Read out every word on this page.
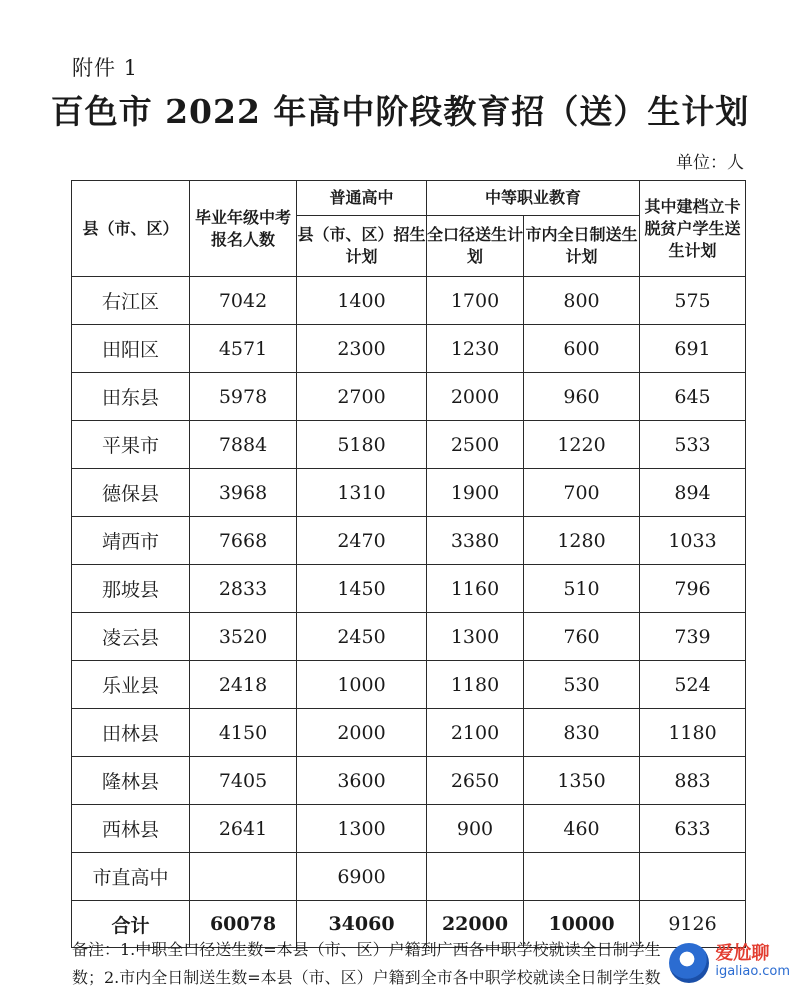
附件 1
百色市 2022 年高中阶段教育招（送）生计划
单位：人
县（市、区）	毕业年级中考报名人数	普通高中	中等职业教育		其中建档立卡脱贫户学生送生计划
		县（市、区）招生计划	全口径送生计划	市内全日制送生计划	
右江区	7042	1400	1700	800	575
田阳区	4571	2300	1230	600	691
田东县	5978	2700	2000	960	645
平果市	7884	5180	2500	1220	533
德保县	3968	1310	1900	700	894
靖西市	7668	2470	3380	1280	1033
那坡县	2833	1450	1160	510	796
凌云县	3520	2450	1300	760	739
乐业县	2418	1000	1180	530	524
田林县	4150	2000	2100	830	1180
隆林县	7405	3600	2650	1350	883
西林县	2641	1300	900	460	633
市直高中		6900			
合计	60078	34060	22000	10000	9126
备注：1.中职全口径送生数=本县（市、区）户籍到广西各中职学校就读全日制学生
数；2.市内全日制送生数=本县（市、区）户籍到全市各中职学校就读全日制学生数
爱尬聊
igaliao.com
